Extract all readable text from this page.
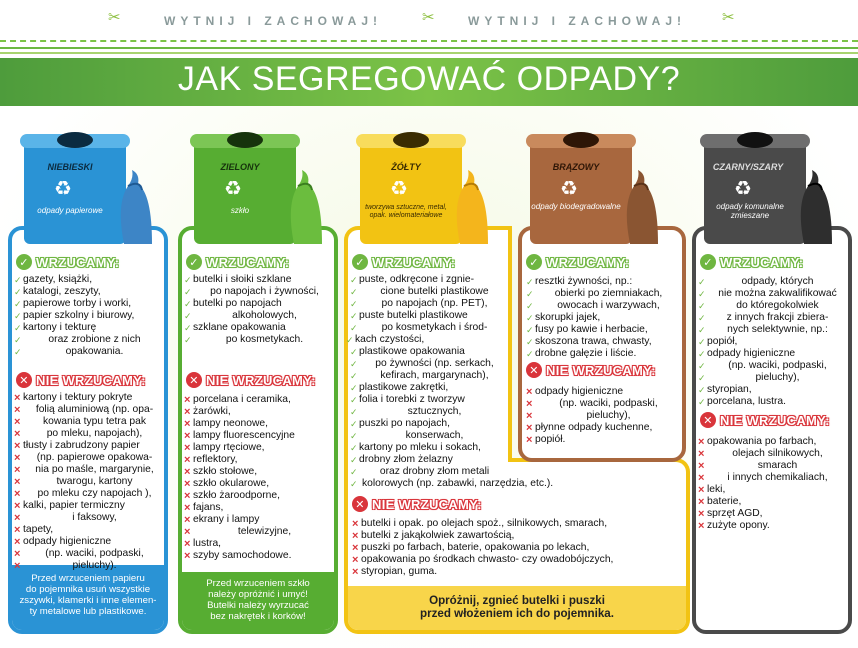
✂	WYTNIJ I ZACHOWAJ!	✂	WYTNIJ I ZACHOWAJ! ✂
JAK SEGREGOWAĆ ODPADY?
NIEBIESKI
♻
odpady papierowe
✓ WRZUCAMY:
✓ gazety, książki,
✓ katalogi, zeszyty,
✓ papierowe torby i worki,
✓ papier szkolny i biurowy,
✓ kartony i tekturę
✓ oraz zrobione z nich
✓ opakowania.
✕ NIE WRZUCAMY:
× kartony i tektury pokryte
× folią aluminiową (np. opa-
× kowania typu tetra pak
× po mleku, napojach),
× tłusty i zabrudzony papier
× (np. papierowe opakowa-
× nia po maśle, margarynie,
× twarogu, kartony
× po mleku czy napojach ),
× kalki, papier termiczny
× i faksowy,
× tapety,
× odpady higieniczne
× (np. waciki, podpaski,
× pieluchy).
Przed wrzuceniem papieru
do pojemnika usuń wszystkie
zszywki, klamerki i inne elemen-
ty metalowe lub plastikowe.
ZIELONY
♻
szkło
✓ WRZUCAMY:
✓ butelki i słoiki szklane
✓ po napojach i żywności,
✓ butelki po napojach
✓ alkoholowych,
✓ szklane opakowania
✓ po kosmetykach.
✕ NIE WRZUCAMY:
× porcelana i ceramika,
× żarówki,
× lampy neonowe,
× lampy fluorescencyjne
× lampy rtęciowe,
× reflektory,
× szkło stołowe,
× szkło okularowe,
× szkło żaroodporne,
× fajans,
× ekrany i lampy
× telewizyjne,
× lustra,
× szyby samochodowe.
Przed wrzuceniem szkło
należy opróżnić i umyć!
Butelki należy wyrzucać
bez nakrętek i korków!
ŻÓŁTY
♻
tworzywa sztuczne, metal, opak. wielomateriałowe
✓ WRZUCAMY:
✓ puste, odkręcone i zgnie-
✓ cione butelki plastikowe
✓ po napojach (np. PET),
✓ puste butelki plastikowe
✓ po kosmetykach i środ-
✓ kach czystości,
✓ plastikowe opakowania
✓ po żywności (np. serkach,
✓ kefirach, margarynach),
✓ plastikowe zakrętki,
✓ folia i torebki z tworzyw
✓ sztucznych,
✓ puszki po napojach,
✓ konserwach,
✓ kartony po mleku i sokach,
✓ drobny złom żelazny
✓ oraz drobny złom metali
✓ kolorowych (np. zabawki, narzędzia, etc.).
✕ NIE WRZUCAMY:
× butelki i opak. po olejach spoż., silnikowych, smarach,
× butelki z jakąkolwiek zawartością,
× puszki po farbach, baterie, opakowania po lekach,
× opakowania po środkach chwasto- czy owadobójczych,
× styropian, guma.
Opróżnij, zgnieć butelki i puszki
przed włożeniem ich do pojemnika.
BRĄZOWY
♻
odpady biodegradowalne
✓ WRZUCAMY:
✓ resztki żywności, np.:
✓ obierki po ziemniakach,
✓ owocach i warzywach,
✓ skorupki jajek,
✓ fusy po kawie i herbacie,
✓ skoszona trawa, chwasty,
✓ drobne gałęzie i liście.
✕ NIE WRZUCAMY:
× odpady higieniczne
× (np. waciki, podpaski,
× pieluchy),
× płynne odpady kuchenne,
× popiół.
CZARNY/SZARY
♻
odpady komunalne zmieszane
✓ WRZUCAMY:
✓ odpady, których
✓ nie można zakwalifikować
✓ do któregokolwiek
✓ z innych frakcji zbiera-
✓ nych selektywnie, np.:
✓ popiół,
✓ odpady higieniczne
✓ (np. waciki, podpaski,
✓ pieluchy),
✓ styropian,
✓ porcelana, lustra.
✕ NIE WRZUCAMY:
× opakowania po farbach,
× olejach silnikowych,
× smarach
× i innych chemikaliach,
× leki,
× baterie,
× sprzęt AGD,
× zużyte opony.
